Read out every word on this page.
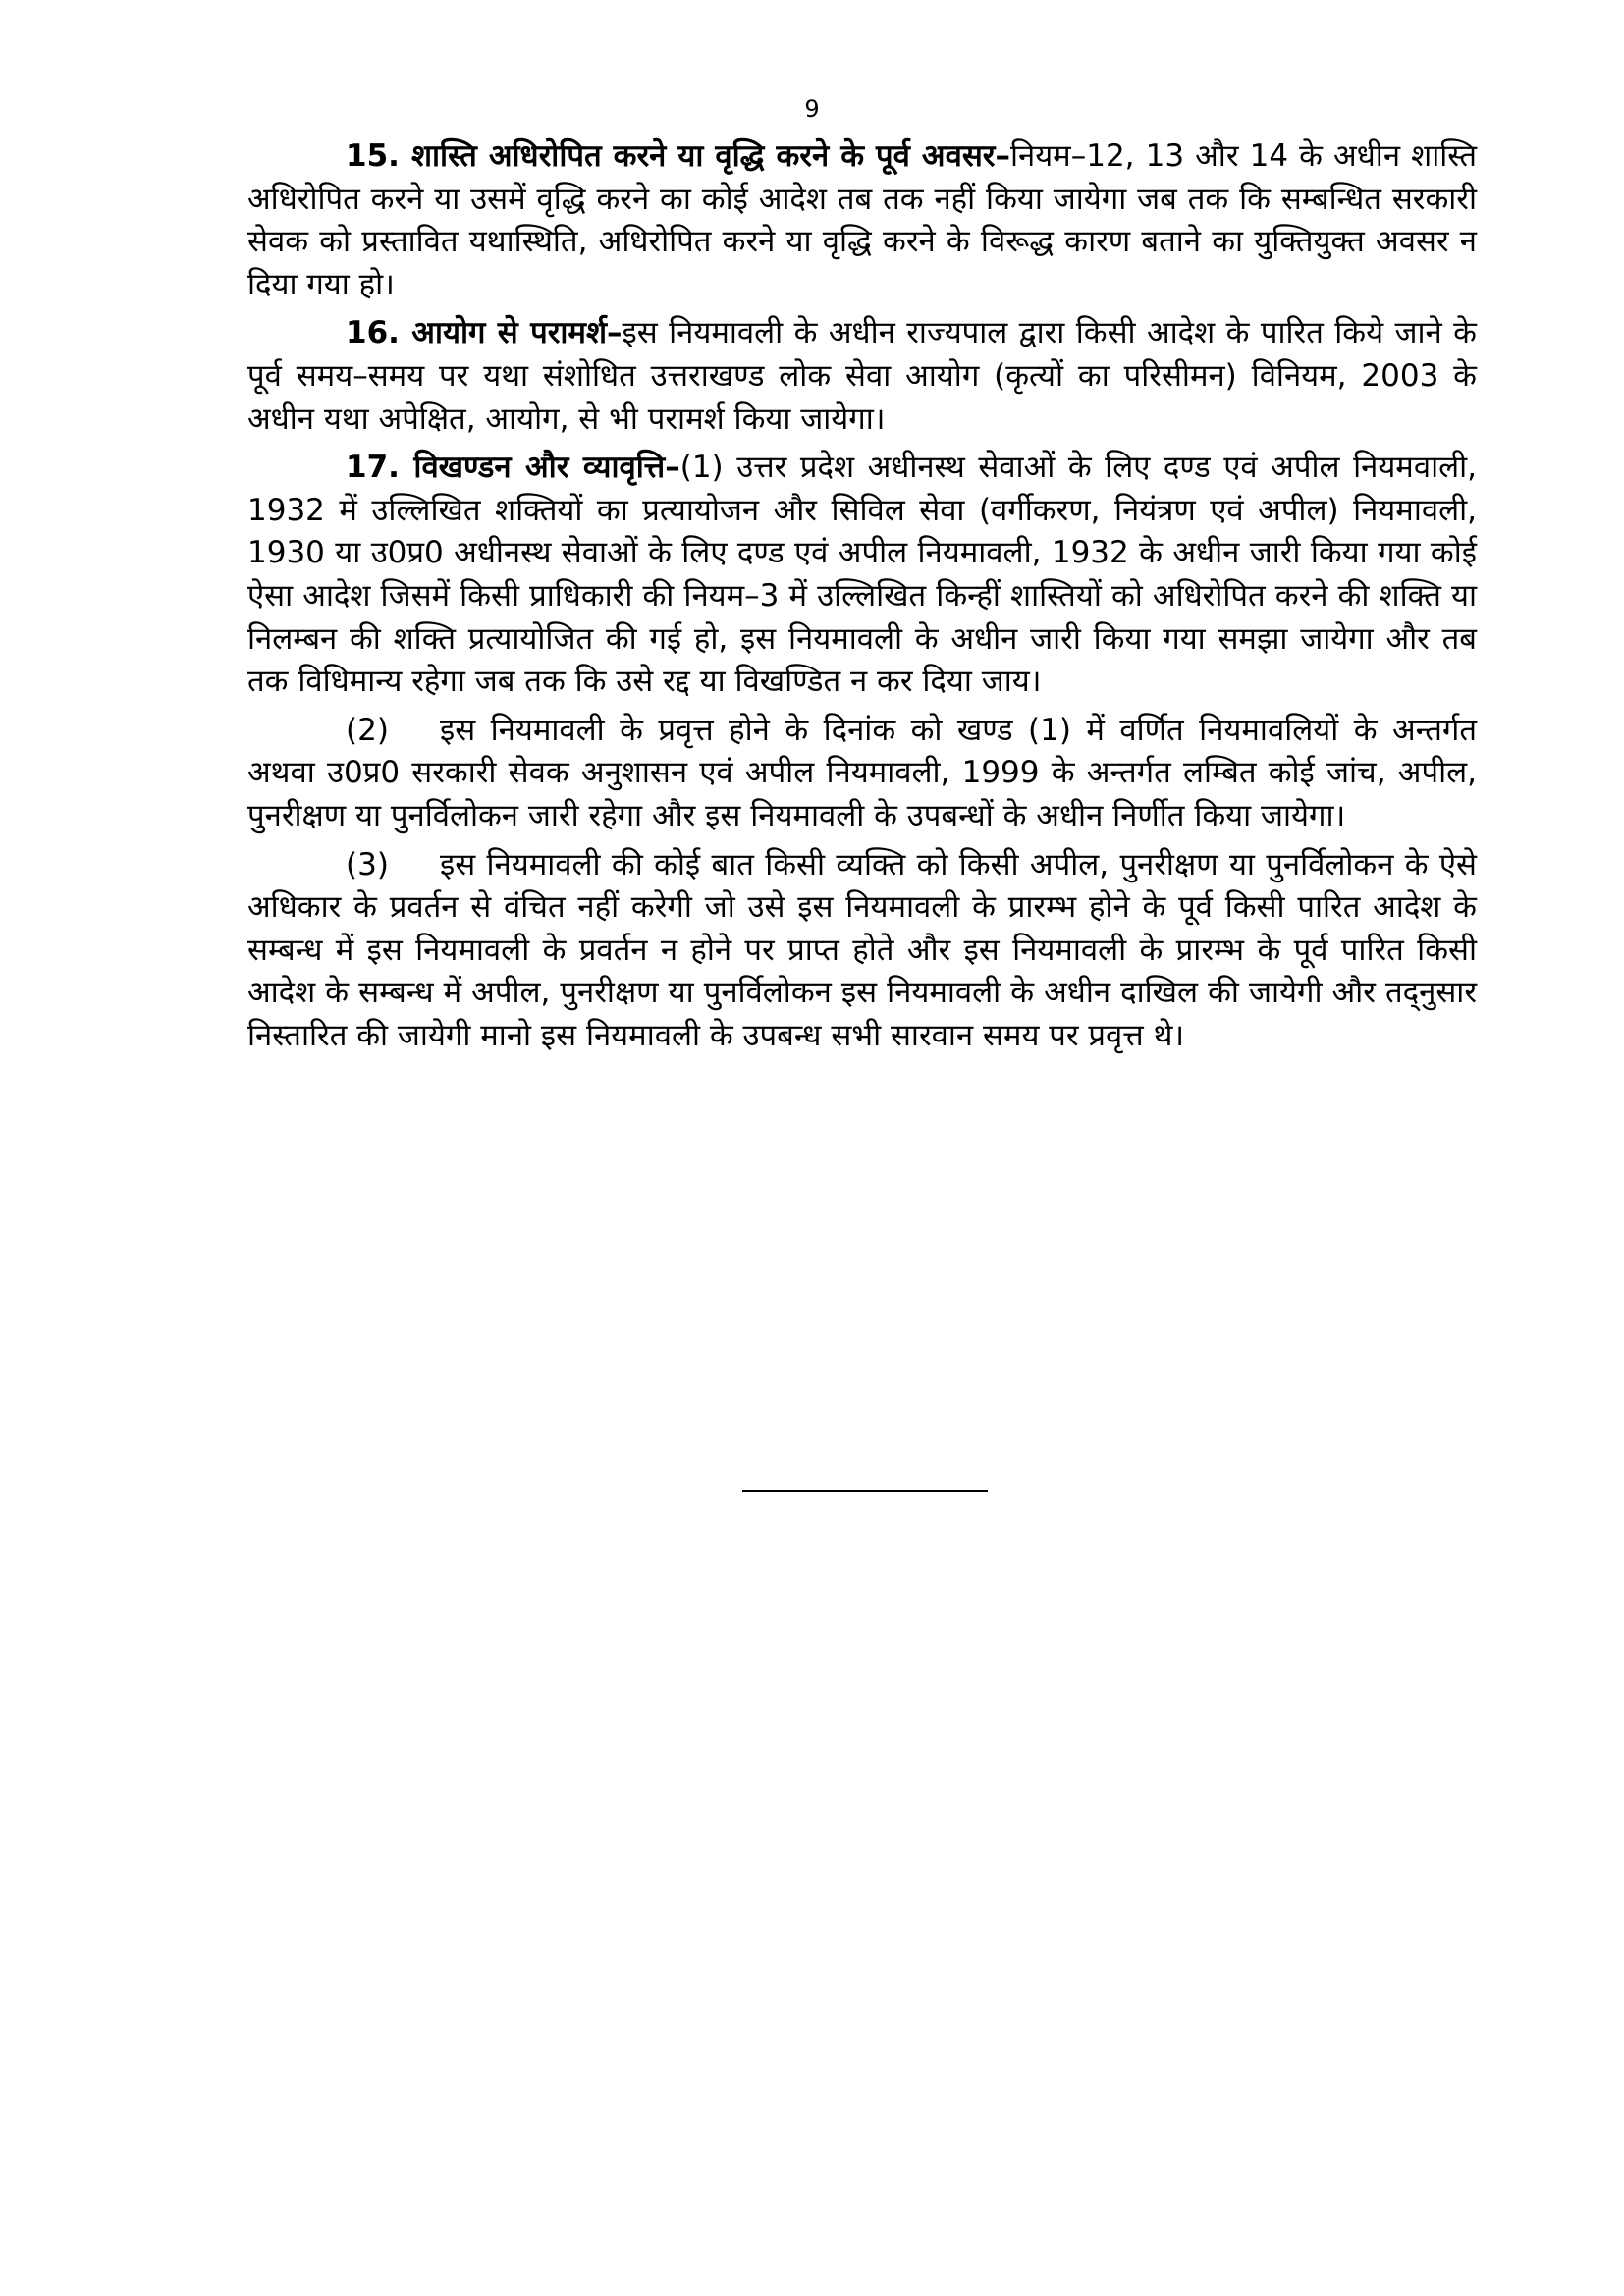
9

15. शास्ति अधिरोपित करने या वृद्धि करने के पूर्व अवसर–नियम–12, 13 और 14 के अधीन शास्ति अधिरोपित करने या उसमें वृद्धि करने का कोई आदेश तब तक नहीं किया जायेगा जब तक कि सम्बन्धित सरकारी सेवक को प्रस्तावित यथास्थिति, अधिरोपित करने या वृद्धि करने के विरूद्ध कारण बताने का युक्तियुक्त अवसर न दिया गया हो।

16. आयोग से परामर्श–इस नियमावली के अधीन राज्यपाल द्वारा किसी आदेश के पारित किये जाने के पूर्व समय–समय पर यथा संशोधित उत्तराखण्ड लोक सेवा आयोग (कृत्यों का परिसीमन) विनियम, 2003 के अधीन यथा अपेक्षित, आयोग, से भी परामर्श किया जायेगा।

17. विखण्डन और व्यावृत्ति–(1) उत्तर प्रदेश अधीनस्थ सेवाओं के लिए दण्ड एवं अपील नियमवाली, 1932 में उल्लिखित शक्तियों का प्रत्यायोजन और सिविल सेवा (वर्गीकरण, नियंत्रण एवं अपील) नियमावली, 1930 या उ0प्र0 अधीनस्थ सेवाओं के लिए दण्ड एवं अपील नियमावली, 1932 के अधीन जारी किया गया कोई ऐसा आदेश जिसमें किसी प्राधिकारी की नियम–3 में उल्लिखित किन्हीं शास्तियों को अधिरोपित करने की शक्ति या निलम्बन की शक्ति प्रत्यायोजित की गई हो, इस नियमावली के अधीन जारी किया गया समझा जायेगा और तब तक विधिमान्य रहेगा जब तक कि उसे रद्द या विखण्डित न कर दिया जाय।

(2) इस नियमावली के प्रवृत्त होने के दिनांक को खण्ड (1) में वर्णित नियमावलियों के अन्तर्गत अथवा उ0प्र0 सरकारी सेवक अनुशासन एवं अपील नियमावली, 1999 के अन्तर्गत लम्बित कोई जांच, अपील, पुनरीक्षण या पुनर्विलोकन जारी रहेगा और इस नियमावली के उपबन्धों के अधीन निर्णीत किया जायेगा।

(3) इस नियमावली की कोई बात किसी व्यक्ति को किसी अपील, पुनरीक्षण या पुनर्विलोकन के ऐसे अधिकार के प्रवर्तन से वंचित नहीं करेगी जो उसे इस नियमावली के प्रारम्भ होने के पूर्व किसी पारित आदेश के सम्बन्ध में इस नियमावली के प्रवर्तन न होने पर प्राप्त होते और इस नियमावली के प्रारम्भ के पूर्व पारित किसी आदेश के सम्बन्ध में अपील, पुनरीक्षण या पुनर्विलोकन इस नियमावली के अधीन दाखिल की जायेगी और तद्नुसार निस्तारित की जायेगी मानो इस नियमावली के उपबन्ध सभी सारवान समय पर प्रवृत्त थे।
